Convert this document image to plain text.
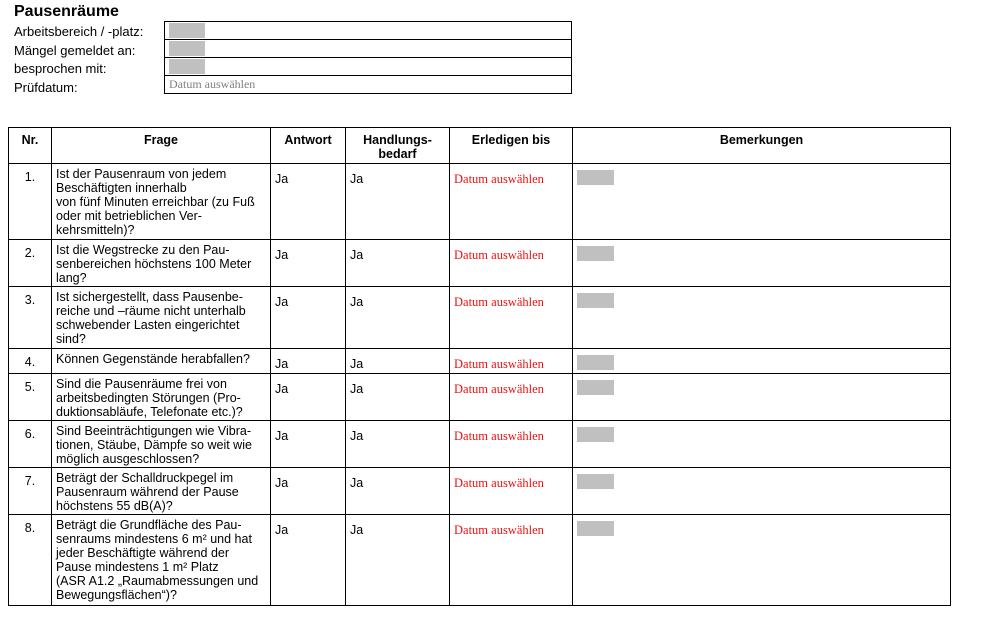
Pausenräume
Arbeitsbereich / -platz:
Mängel gemeldet an:
besprochen mit:
Prüfdatum:	Datum auswählen
Nr.	Frage	Antwort	Handlungs-
bedarf	Erledigen bis	Bemerkungen
1.	Ist der Pausenraum von jedem Beschäftigten innerhalb
von fünf Minuten erreichbar (zu Fuß oder mit betrieblichen Ver-kehrsmitteln)?	Ja	Ja	Datum auswählen	
2.	Ist die Wegstrecke zu den Pau-senbereichen höchstens 100 Meter lang?	Ja	Ja	Datum auswählen	
3.	Ist sichergestellt, dass Pausenbe-reiche und –räume nicht unterhalb schwebender Lasten eingerichtet sind?	Ja	Ja	Datum auswählen	
4.	Können Gegenstände herabfallen?	Ja	Ja	Datum auswählen	
5.	Sind die Pausenräume frei von arbeitsbedingten Störungen (Pro-duktionsabläufe, Telefonate etc.)?	Ja	Ja	Datum auswählen	
6.	Sind Beeinträchtigungen wie Vibra-tionen, Stäube, Dämpfe so weit wie möglich ausgeschlossen?	Ja	Ja	Datum auswählen	
7.	Beträgt der Schalldruckpegel im Pausenraum während der Pause höchstens 55 dB(A)?	Ja	Ja	Datum auswählen	
8.	Beträgt die Grundfläche des Pau-senraums mindestens 6 m² und hat jeder Beschäftigte während der Pause mindestens 1 m² Platz
(ASR A1.2 „Raumabmessungen und Bewegungsflächen“)?	Ja	Ja	Datum auswählen	
